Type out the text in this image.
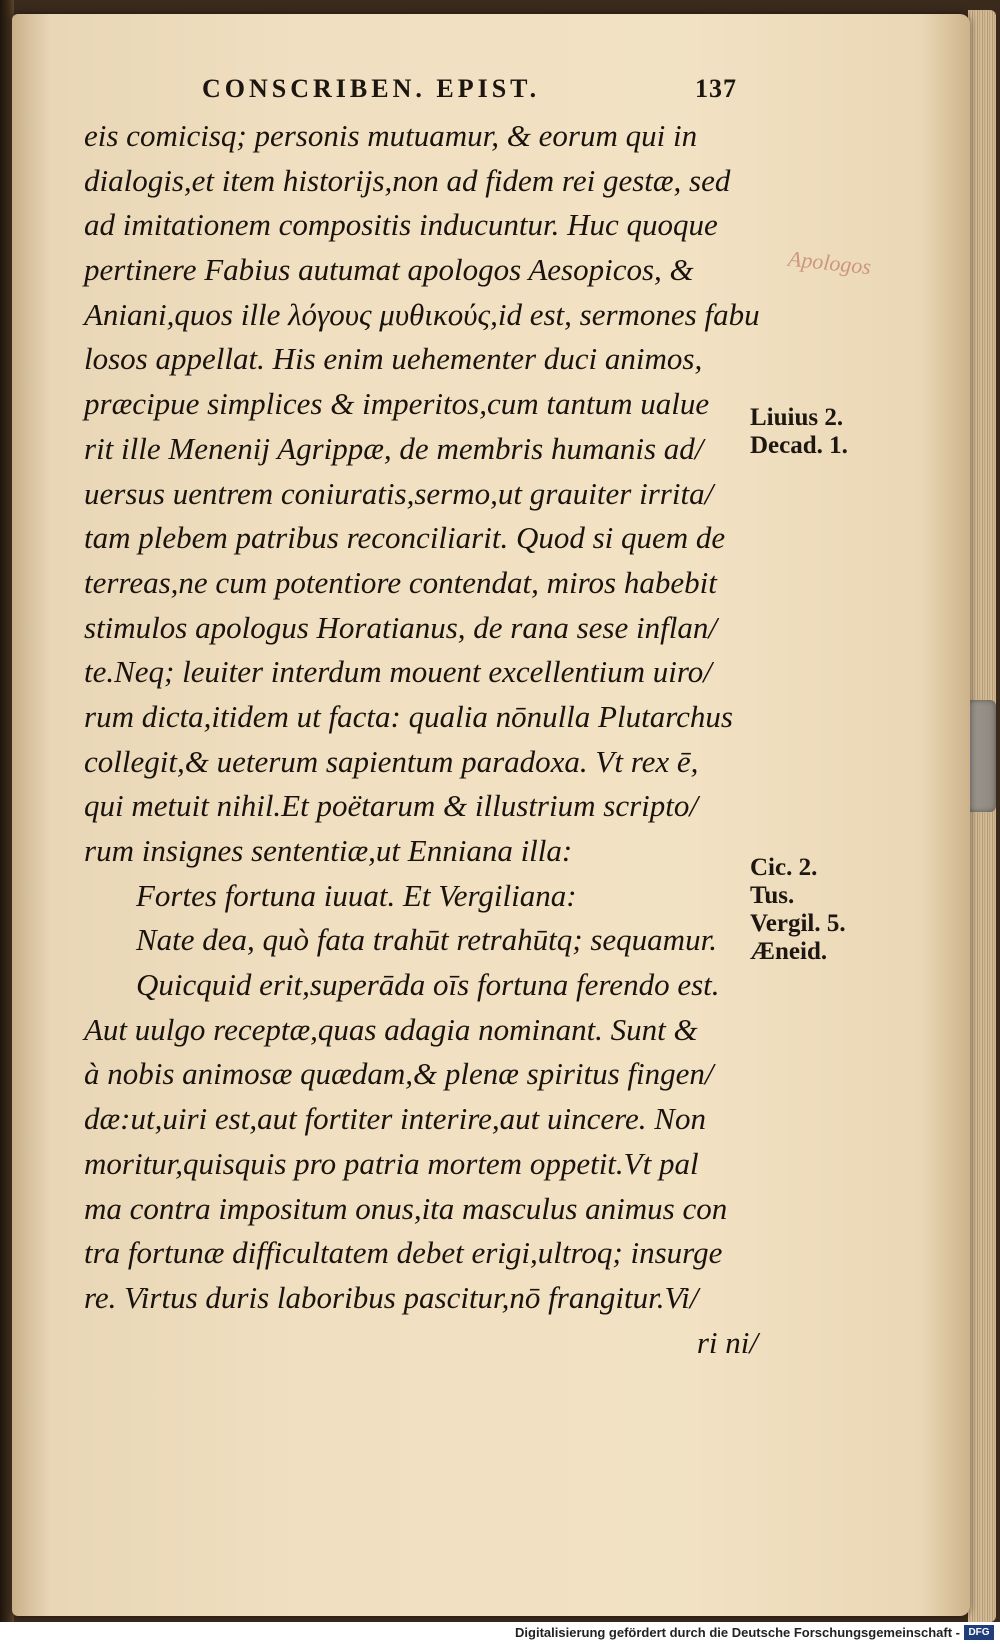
CONSCRIBEN. EPIST.	137
Apologos
eis comicisq; personis mutuamur, & eorum qui in
dialogis,et item historijs,non ad fidem rei gestæ, sed
ad imitationem compositis inducuntur. Huc quoque
pertinere Fabius autumat apologos Aesopicos, &
Aniani,quos ille λόγους μυθικούς,id est, sermones fabu
losos appellat. His enim uehementer duci animos,
præcipue simplices & imperitos,cum tantum ualue
rit ille Menenij Agrippæ, de membris humanis ad/
uersus uentrem coniuratis,sermo,ut grauiter irrita/
tam plebem patribus reconciliarit. Quod si quem de
terreas,ne cum potentiore contendat, miros habebit
stimulos apologus Horatianus, de rana sese inflan/
te.Neq; leuiter interdum mouent excellentium uiro/
rum dicta,itidem ut facta: qualia nōnulla Plutarchus
collegit,& ueterum sapientum paradoxa. Vt rex ē,
qui metuit nihil.Et poëtarum & illustrium scripto/
rum insignes sententiæ,ut Enniana illa:
Fortes fortuna iuuat. Et Vergiliana:
Nate dea, quò fata trahūt retrahūtq; sequamur.
Quicquid erit,superāda oīs fortuna ferendo est.
Aut uulgo receptæ,quas adagia nominant. Sunt &
à nobis animosæ quædam,& plenæ spiritus fingen/
dæ:ut,uiri est,aut fortiter interire,aut uincere. Non
moritur,quisquis pro patria mortem oppetit.Vt pal
ma contra impositum onus,ita masculus animus con
tra fortunæ difficultatem debet erigi,ultroq; insurge
re. Virtus duris laboribus pascitur,nō frangitur.Vi/
ri ni/
Liuius 2.
Decad. 1.
Cic. 2.
Tus.
Vergil. 5.
Æneid.
Digitalisierung gefördert durch die Deutsche Forschungsgemeinschaft - DFG
